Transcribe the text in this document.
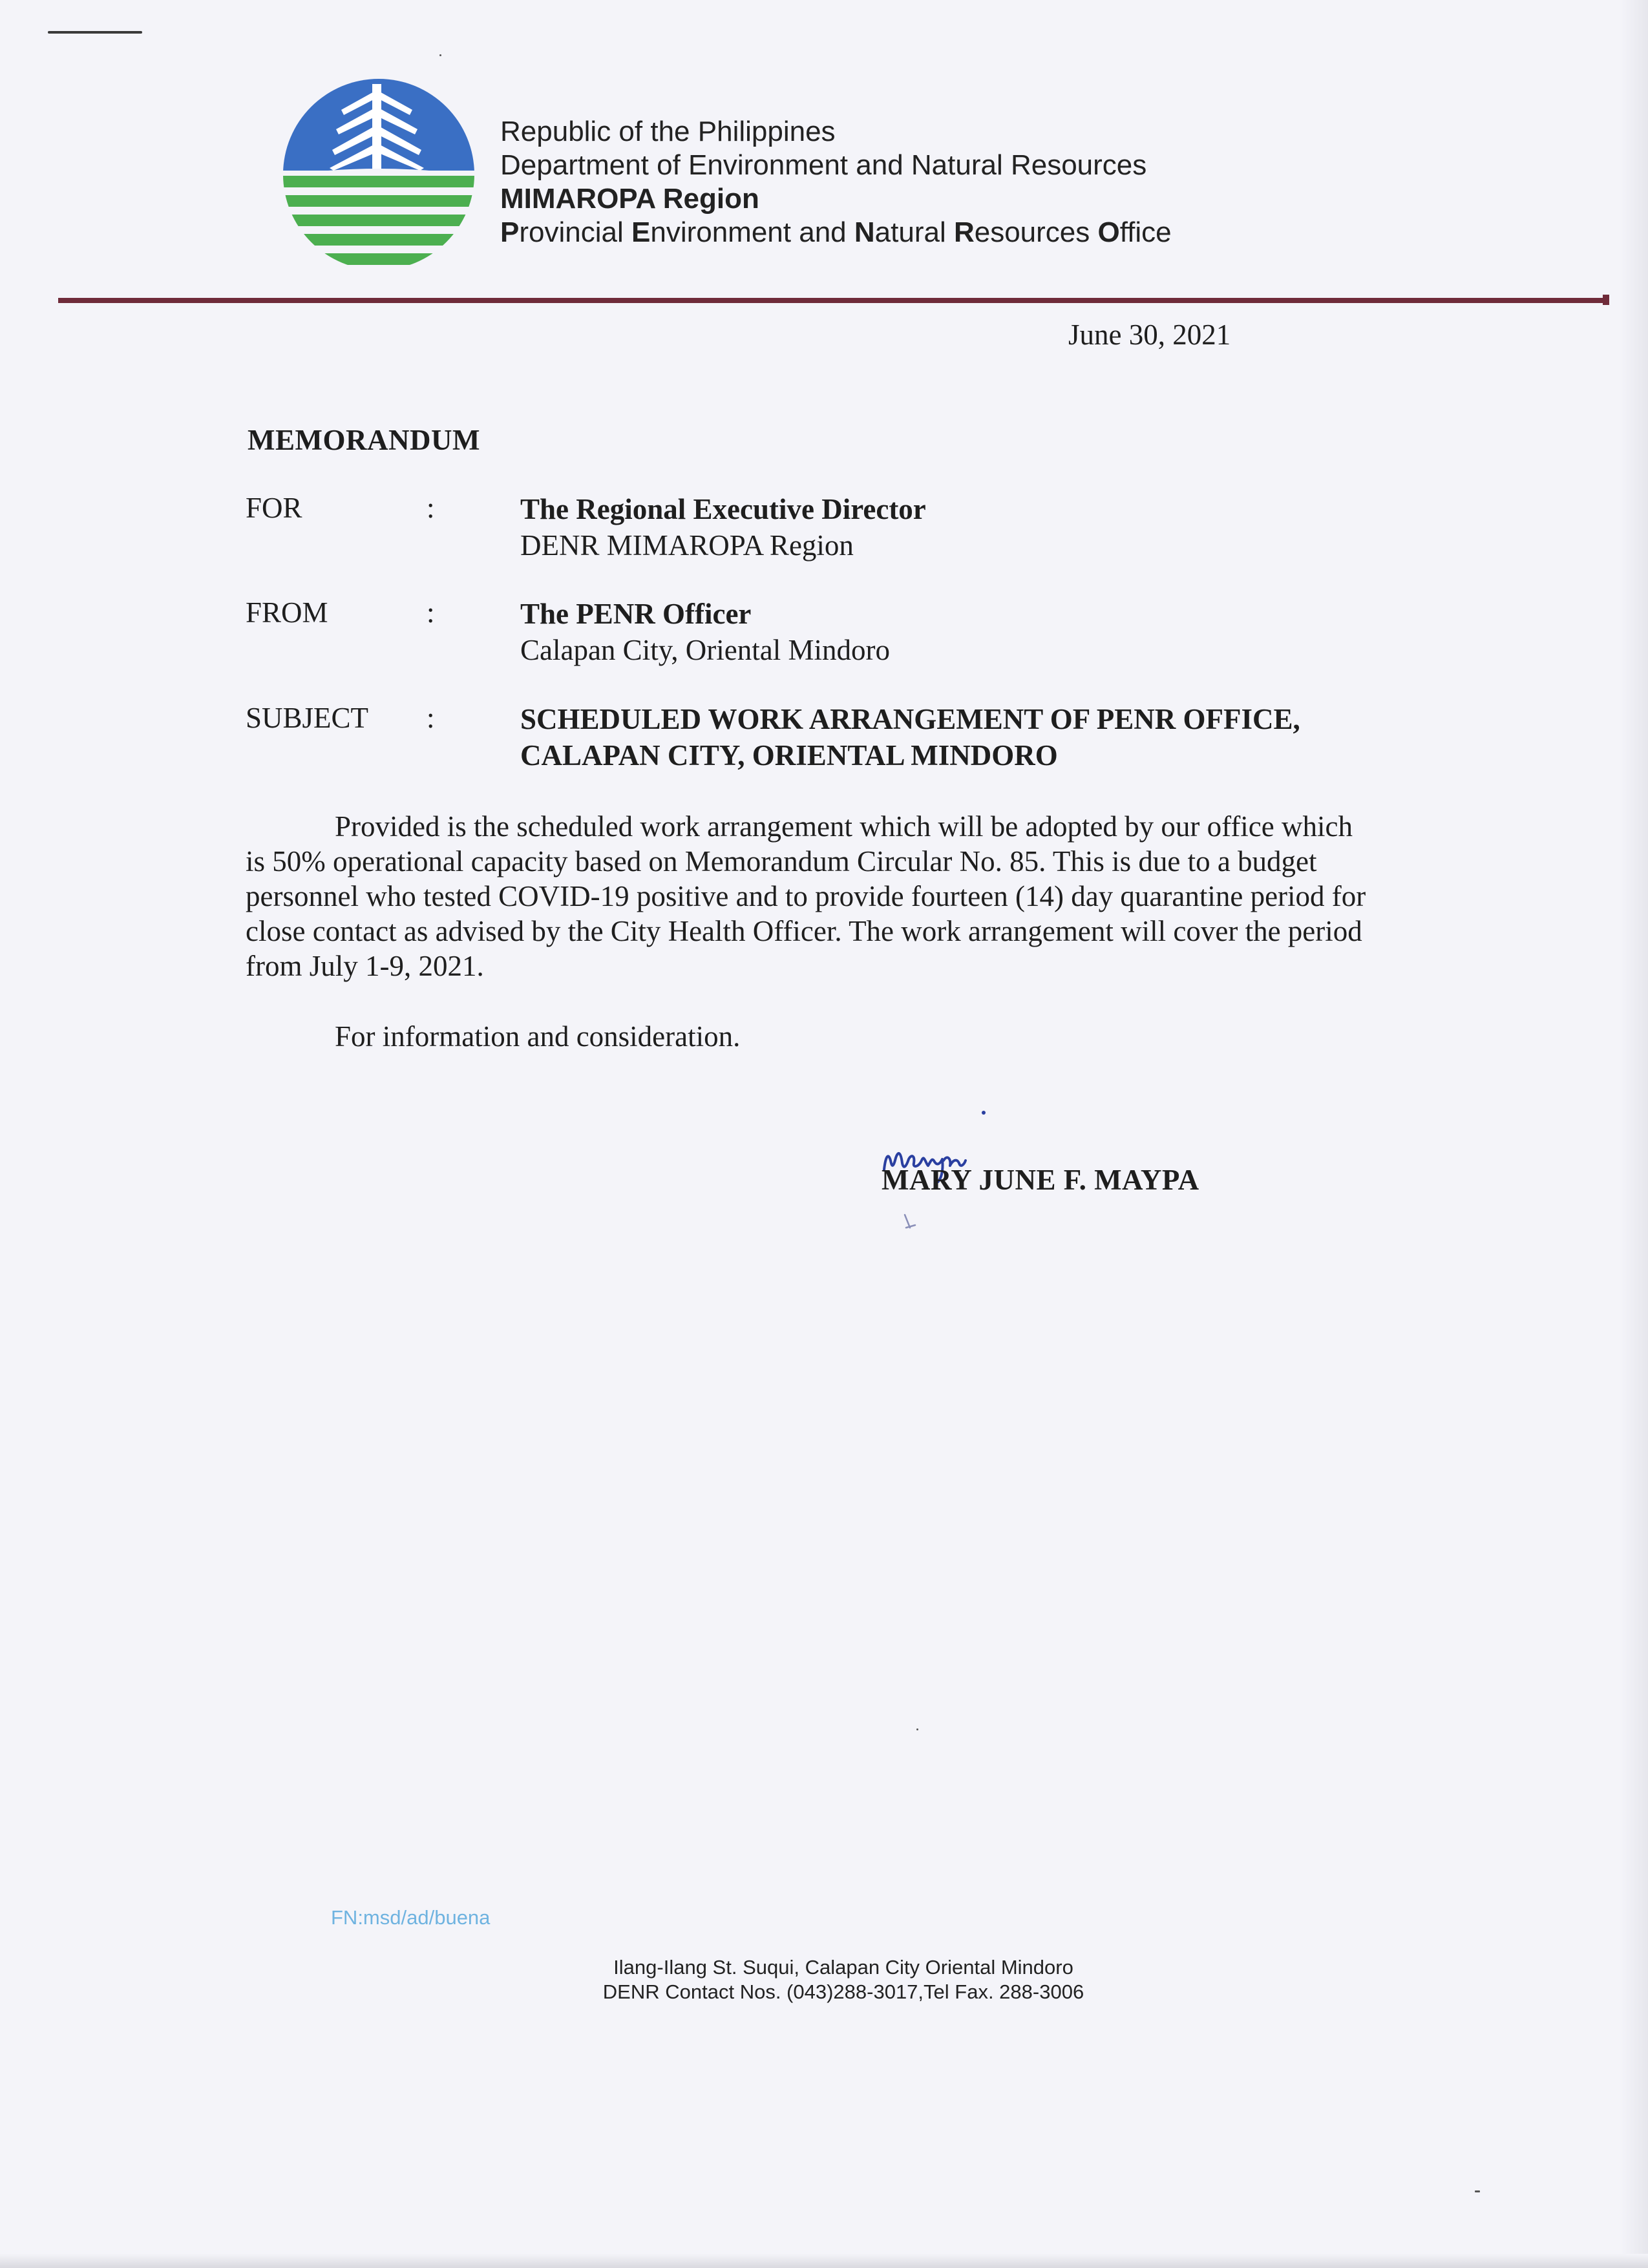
Republic of the Philippines
Department of Environment and Natural Resources
MIMAROPA Region
Provincial Environment and Natural Resources Office
June 30, 2021
MEMORANDUM
FOR	:	The Regional Executive Director
DENR MIMAROPA Region
FROM	:	The PENR Officer
Calapan City, Oriental Mindoro
SUBJECT :	SCHEDULED WORK ARRANGEMENT OF PENR OFFICE,
CALAPAN CITY, ORIENTAL MINDORO
Provided is the scheduled work arrangement which will be adopted by our office which
is 50% operational capacity based on Memorandum Circular No. 85. This is due to a budget
personnel who tested COVID-19 positive and to provide fourteen (14) day quarantine period for
close contact as advised by the City Health Officer. The work arrangement will cover the period
from July 1-9, 2021.
For information and consideration.
MARY JUNE F. MAYPA
FN:msd/ad/buena
Ilang-Ilang St. Suqui, Calapan City Oriental Mindoro
DENR Contact Nos. (043)288-3017,Tel Fax. 288-3006
